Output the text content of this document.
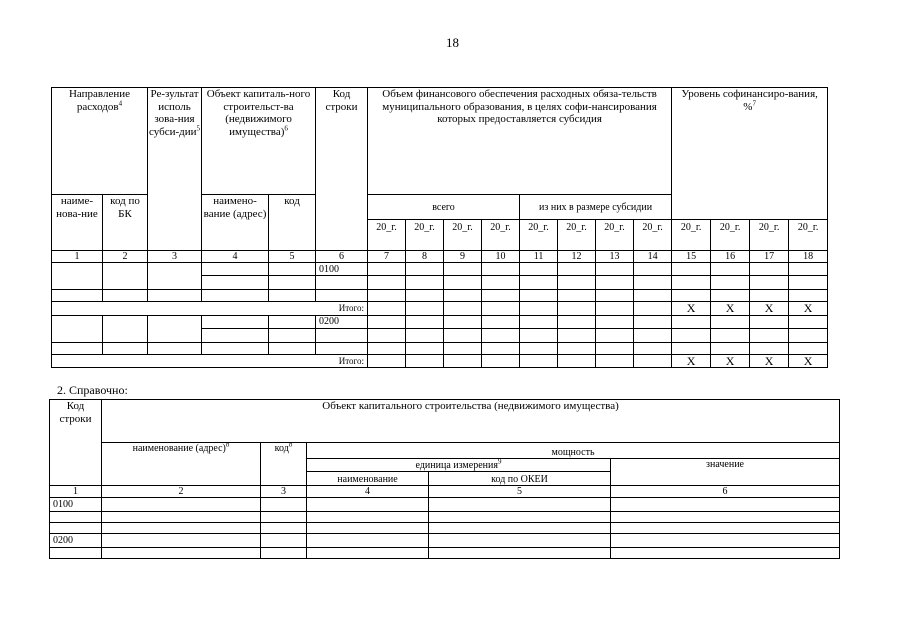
18
Направление расходов$^4$		Ре-зультат исполь зова-ния субси-дии$^5$	Объект капиталь-ного строительст-ва (недвижимого имущества)$^6$		Код строки	Объем финансового обеспечения расходных обяза-тельств муниципального образования, в целях софи-нансирования которых предоставляется субсидия								Уровень софинансиро-вания, %$^7$
наиме-нова-ние	код по БК		наимено-вание (адрес)	код		всего				из них в размере субсидии							
						20_г.	20_г.	20_г.	20_г.	20_г.	20_г.	20_г.	20_г.	20_г.	20_г.	20_г.	20_г.
1	2	3	4	5	6	7	8	9	10	11	12	13	14	15	16	17	18
					0100												

Итого:														X	X	X	X
					0200												

Итого:														X	X	X	X
2. Справочно:
Код строки	Объект капитального строительства (недвижимого имущества)				
	наименование (адрес)$^8$	код$^8$	мощность		
			единица измерения$^9$		значение
			наименование	код по ОКЕИ	
1	2	3	4	5	6
0100					

0200					
